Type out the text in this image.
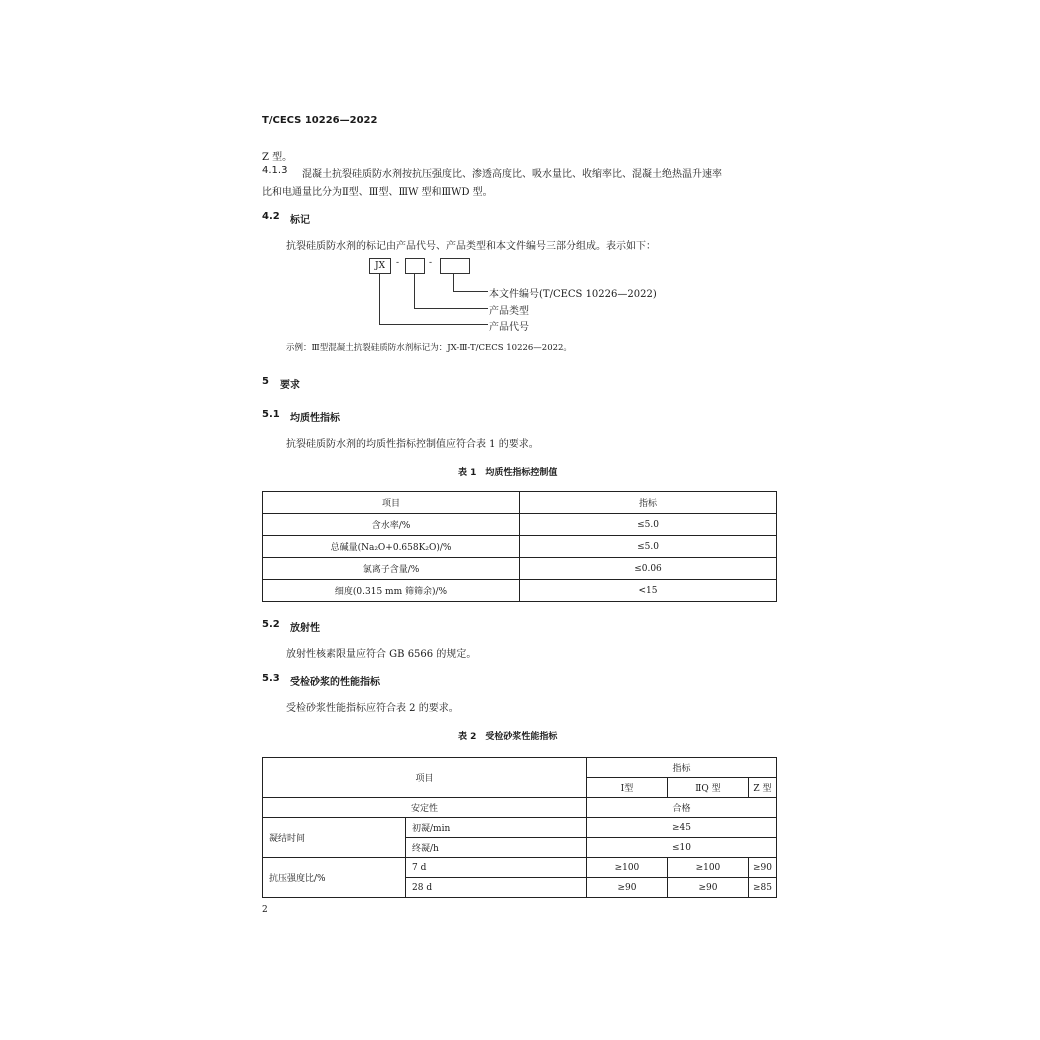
T/CECS 10226—2022
Z 型。
4.1.3 混凝土抗裂硅质防水剂按抗压强度比、渗透高度比、吸水量比、收缩率比、混凝土绝热温升速率
比和电通量比分为Ⅱ型、Ⅲ型、ⅢW 型和ⅢWD 型。
4.2 标记
抗裂硅质防水剂的标记由产品代号、产品类型和本文件编号三部分组成。表示如下：
JX	-	-
本文件编号(T/CECS 10226—2022)
产品类型
产品代号
示例：Ⅲ型混凝土抗裂硅质防水剂标记为：JX-Ⅲ-T/CECS 10226—2022。
5 要求
5.1 均质性指标
抗裂硅质防水剂的均质性指标控制值应符合表 1 的要求。
表 1　均质性指标控制值
项目	指标
含水率/%	≤5.0
总碱量(Na₂O+0.658K₂O)/%	≤5.0
氯离子含量/%	≤0.06
细度(0.315 mm 筛筛余)/%	<15
5.2 放射性
放射性核素限量应符合 GB 6566 的规定。
5.3 受检砂浆的性能指标
受检砂浆性能指标应符合表 2 的要求。
表 2　受检砂浆性能指标
项目		指标		
		Ⅰ型	ⅡQ 型	Z 型
安定性		合格		
凝结时间	初凝/min	≥45		
	终凝/h	≤10		
抗压强度比/%	7 d	≥100	≥100	≥90
	28 d	≥90	≥90	≥85
2
